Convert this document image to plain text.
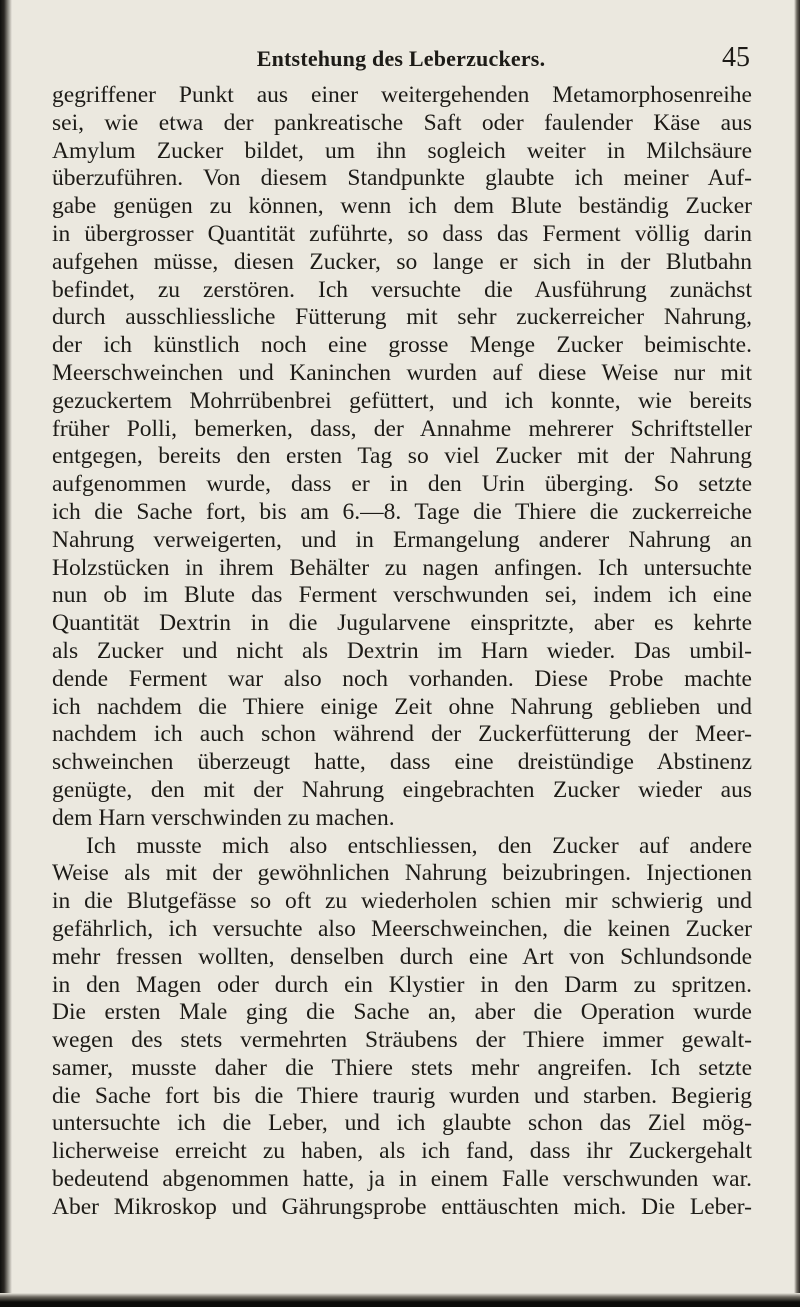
Entstehung des Leberzuckers.	45
gegriffener Punkt aus einer weitergehenden Metamorphosenreihe
sei, wie etwa der pankreatische Saft oder faulender Käse aus
Amylum Zucker bildet, um ihn sogleich weiter in Milchsäure
überzuführen. Von diesem Standpunkte glaubte ich meiner Auf-
gabe genügen zu können, wenn ich dem Blute beständig Zucker
in übergrosser Quantität zuführte, so dass das Ferment völlig darin
aufgehen müsse, diesen Zucker, so lange er sich in der Blutbahn
befindet, zu zerstören. Ich versuchte die Ausführung zunächst
durch ausschliessliche Fütterung mit sehr zuckerreicher Nahrung,
der ich künstlich noch eine grosse Menge Zucker beimischte.
Meerschweinchen und Kaninchen wurden auf diese Weise nur mit
gezuckertem Mohrrübenbrei gefüttert, und ich konnte, wie bereits
früher Polli, bemerken, dass, der Annahme mehrerer Schriftsteller
entgegen, bereits den ersten Tag so viel Zucker mit der Nahrung
aufgenommen wurde, dass er in den Urin überging. So setzte
ich die Sache fort, bis am 6.—8. Tage die Thiere die zuckerreiche
Nahrung verweigerten, und in Ermangelung anderer Nahrung an
Holzstücken in ihrem Behälter zu nagen anfingen. Ich untersuchte
nun ob im Blute das Ferment verschwunden sei, indem ich eine
Quantität Dextrin in die Jugularvene einspritzte, aber es kehrte
als Zucker und nicht als Dextrin im Harn wieder. Das umbil-
dende Ferment war also noch vorhanden. Diese Probe machte
ich nachdem die Thiere einige Zeit ohne Nahrung geblieben und
nachdem ich auch schon während der Zuckerfütterung der Meer-
schweinchen überzeugt hatte, dass eine dreistündige Abstinenz
genügte, den mit der Nahrung eingebrachten Zucker wieder aus
dem Harn verschwinden zu machen.
Ich musste mich also entschliessen, den Zucker auf andere
Weise als mit der gewöhnlichen Nahrung beizubringen. Injectionen
in die Blutgefässe so oft zu wiederholen schien mir schwierig und
gefährlich, ich versuchte also Meerschweinchen, die keinen Zucker
mehr fressen wollten, denselben durch eine Art von Schlundsonde
in den Magen oder durch ein Klystier in den Darm zu spritzen.
Die ersten Male ging die Sache an, aber die Operation wurde
wegen des stets vermehrten Sträubens der Thiere immer gewalt-
samer, musste daher die Thiere stets mehr angreifen. Ich setzte
die Sache fort bis die Thiere traurig wurden und starben. Begierig
untersuchte ich die Leber, und ich glaubte schon das Ziel mög-
licherweise erreicht zu haben, als ich fand, dass ihr Zuckergehalt
bedeutend abgenommen hatte, ja in einem Falle verschwunden war.
Aber Mikroskop und Gährungsprobe enttäuschten mich. Die Leber-
